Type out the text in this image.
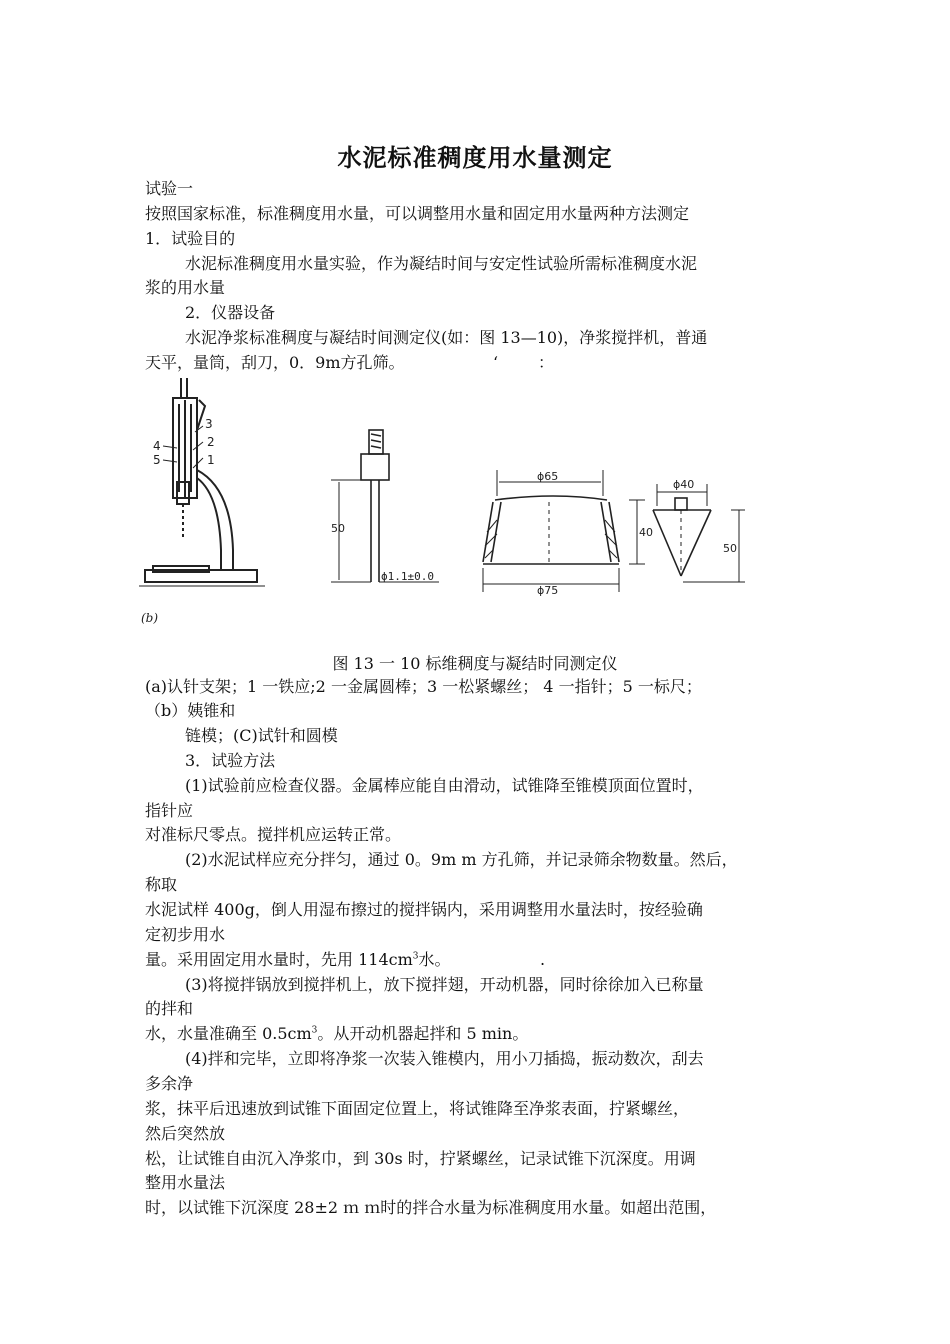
水泥标准稠度用水量测定
试验一
按照国家标准，标准稠度用水量，可以调整用水量和固定用水量两种方法测定
1．试验目的
水泥标准稠度用水量实验，作为凝结时间与安定性试验所需标准稠度水泥
浆的用水量
2．仪器设备
水泥净浆标准稠度与凝结时间测定仪(如：图 13—10)，净浆搅拌机，普通
天平，量筒，刮刀，0．9m方孔筛。	‘ ：
4
5
3
2
1
(b)
50
ϕ1.1±0.0
ϕ65
40
ϕ75
ϕ40
50
图 13 一 10 标维稠度与凝结时同测定仪
(a)认针支架；1 一铁应;2 一金属圆棒；3 一松紧螺丝； 4 一指针；5 一标尺；
（b）姨锥和
链模；(C)试针和圆模
3．试验方法
(1)试验前应检查仪器。金属棒应能自由滑动，试锥降至锥模顶面位置时，
指针应
对准标尺零点。搅拌机应运转正常。
(2)水泥试样应充分拌匀，通过 0。9m m 方孔筛，并记录筛余物数量。然后，
称取
水泥试样 400g，倒人用湿布擦过的搅拌锅内，采用调整用水量法时，按经验确
定初步用水
量。采用固定用水量时，先用 $114cm^3$水。	.
(3)将搅拌锅放到搅拌机上，放下搅拌翅，开动机器，同时徐徐加入已称量
的拌和
水，水量准确至 $0.5cm^3$。从开动机器起拌和 5 min。
(4)拌和完毕，立即将净浆一次装入锥模内，用小刀插捣，振动数次，刮去
多余净
浆，抹平后迅速放到试锥下面固定位置上，将试锥降至净浆表面，拧紧螺丝，
然后突然放
松，让试锥自由沉入净浆巾，到 30s 时，拧紧螺丝，记录试锥下沉深度。用调
整用水量法
时，以试锥下沉深度 28±2 ｍ ｍ时的拌合水量为标准稠度用水量。如超出范围，
